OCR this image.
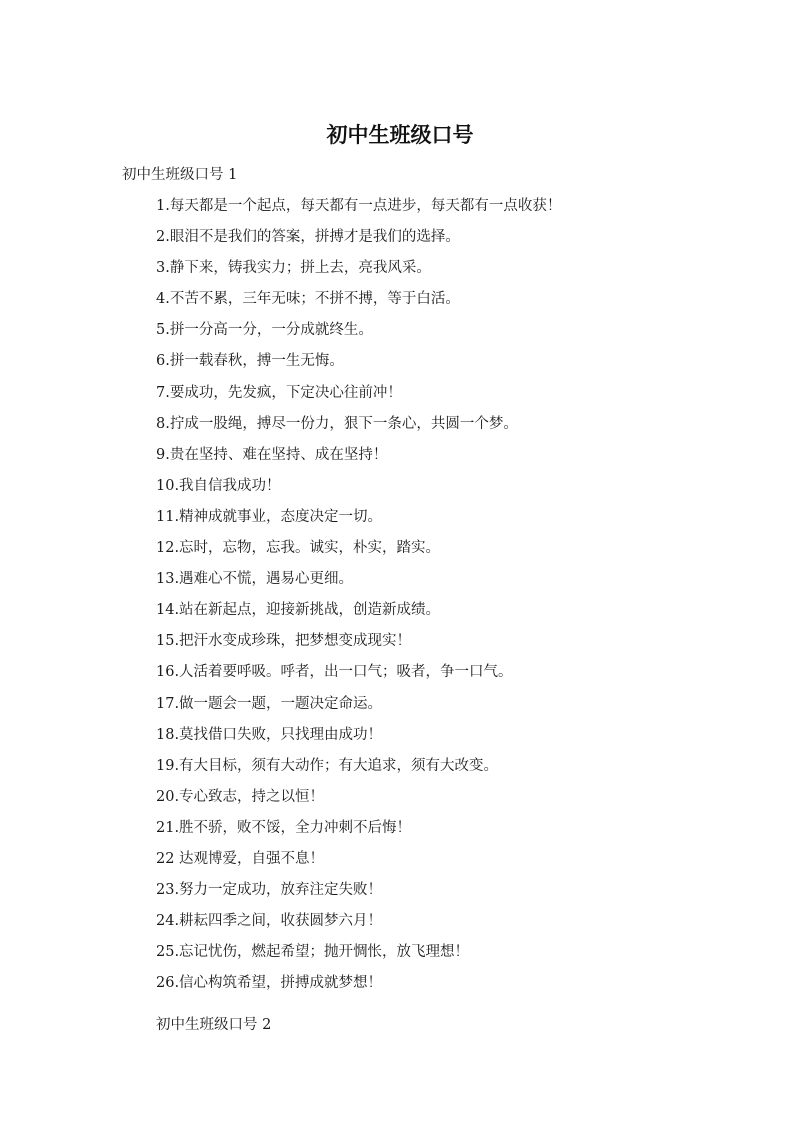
初中生班级口号
初中生班级口号 1
1.每天都是一个起点，每天都有一点进步，每天都有一点收获！
2.眼泪不是我们的答案，拼搏才是我们的选择。
3.静下来，铸我实力；拼上去，亮我风采。
4.不苦不累，三年无味；不拼不搏，等于白活。
5.拼一分高一分，一分成就终生。
6.拼一载春秋，搏一生无悔。
7.要成功，先发疯，下定决心往前冲！
8.拧成一股绳，搏尽一份力，狠下一条心，共圆一个梦。
9.贵在坚持、难在坚持、成在坚持！
10.我自信我成功！
11.精神成就事业，态度决定一切。
12.忘时，忘物，忘我。诚实，朴实，踏实。
13.遇难心不慌，遇易心更细。
14.站在新起点，迎接新挑战，创造新成绩。
15.把汗水变成珍珠，把梦想变成现实！
16.人活着要呼吸。呼者，出一口气；吸者，争一口气。
17.做一题会一题，一题决定命运。
18.莫找借口失败，只找理由成功！
19.有大目标，须有大动作；有大追求，须有大改变。
20.专心致志，持之以恒！
21.胜不骄，败不馁，全力冲刺不后悔！
22 达观博爱，自强不息！
23.努力一定成功，放弃注定失败！
24.耕耘四季之间，收获圆梦六月！
25.忘记忧伤，燃起希望；抛开惆怅，放飞理想！
26.信心构筑希望，拼搏成就梦想！
初中生班级口号 2
